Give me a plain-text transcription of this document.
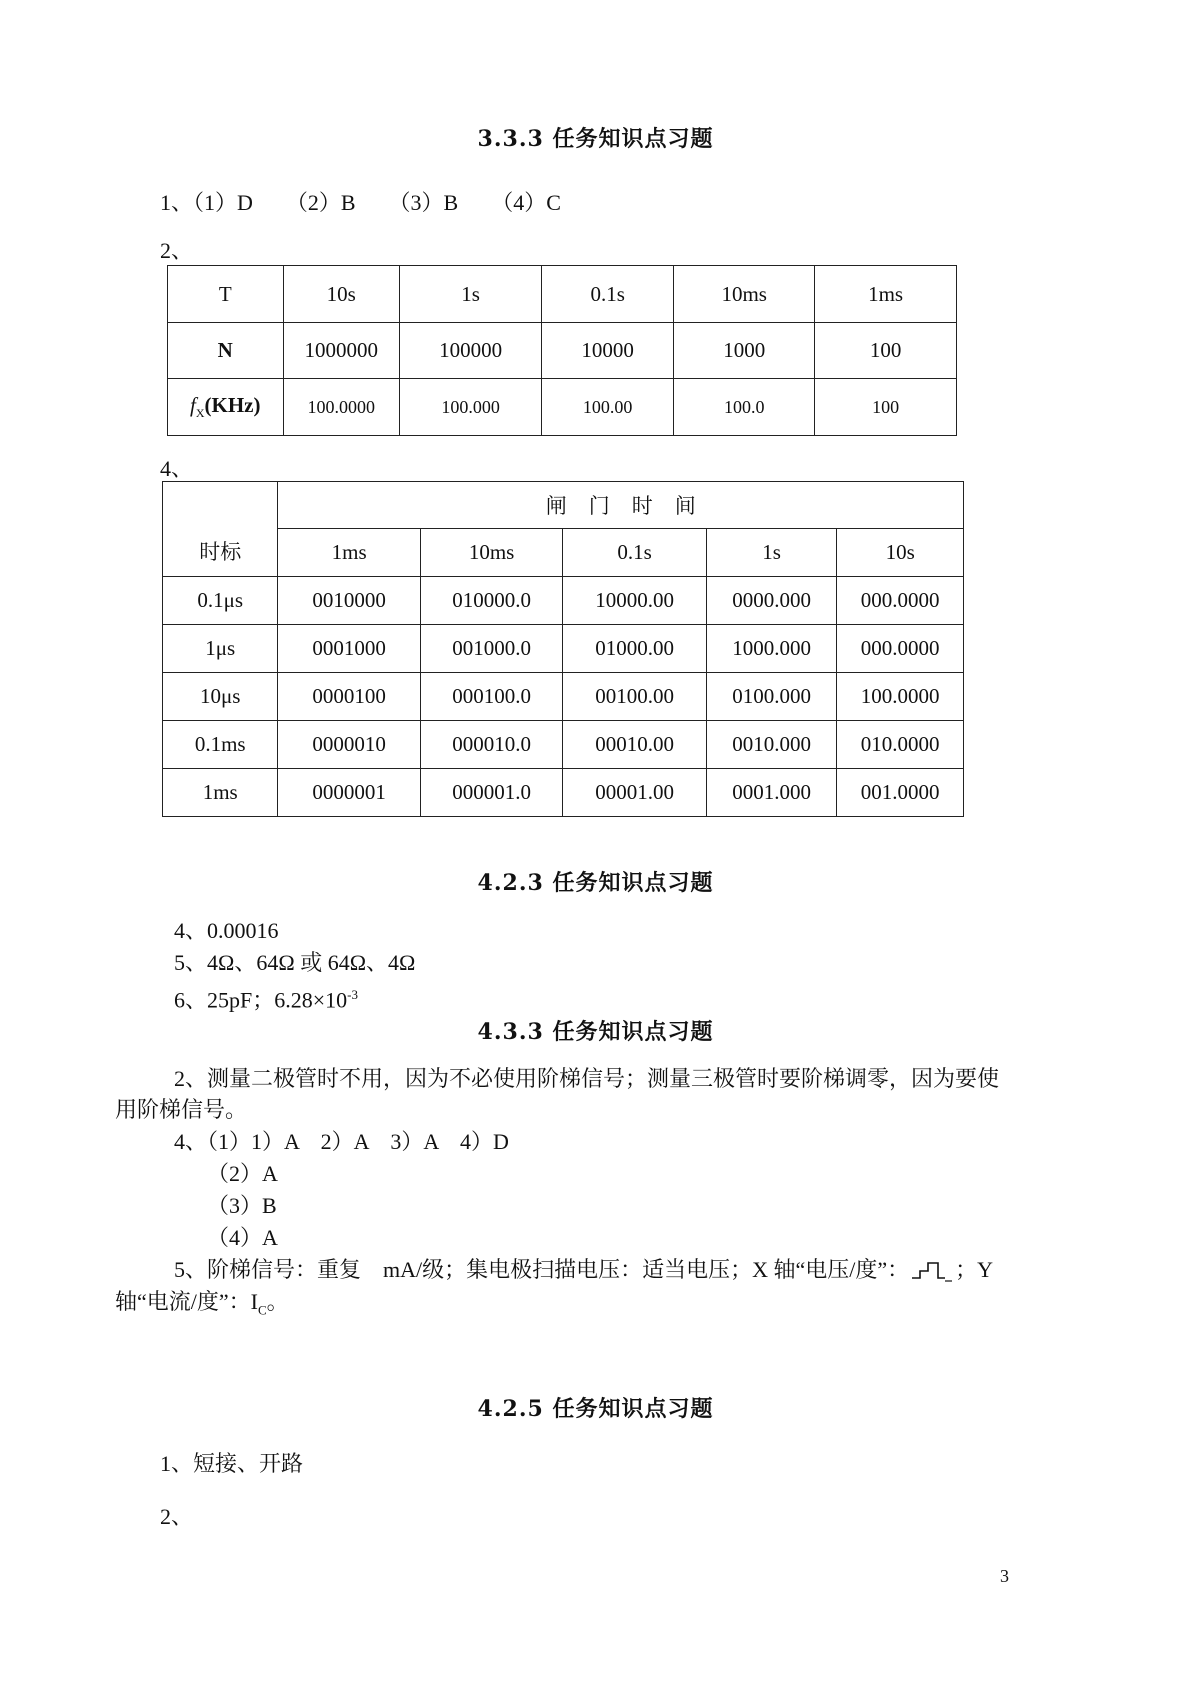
3.3.3 任务知识点习题
1、（1）D　　（2）B　　（3）B　　（4）C
2、
T	10s	1s	0.1s	10ms	1ms
N	1000000	100000	10000	1000	100
$f_X(KHz)$	100.0000	100.000	100.00	100.0	100
4、
时标	闸门时间				
	1ms	10ms	0.1s	1s	10s
0.1μs	0010000	010000.0	10000.00	0000.000	000.0000
1μs	0001000	001000.0	01000.00	1000.000	000.0000
10μs	0000100	000100.0	00100.00	0100.000	100.0000
0.1ms	0000010	000010.0	00010.00	0010.000	010.0000
1ms	0000001	000001.0	00001.00	0001.000	001.0000
4.2.3 任务知识点习题
4、0.00016
5、4Ω、64Ω 或 64Ω、4Ω
6、25pF；$6.28\times 10^{-3}$
4.3.3 任务知识点习题
2、测量二极管时不用，因为不必使用阶梯信号；测量三极管时要阶梯调零，因为要使
用阶梯信号。
4、（1）1）A　2）A　3）A　4）D
（2）A
（3）B
（4）A
5、阶梯信号：重复　mA/级；集电极扫描电压：适当电压；X 轴“电压/度”： ；Y
轴“电流/度”：$I_C$。
4.2.5 任务知识点习题
1、短接、开路
2、
3
